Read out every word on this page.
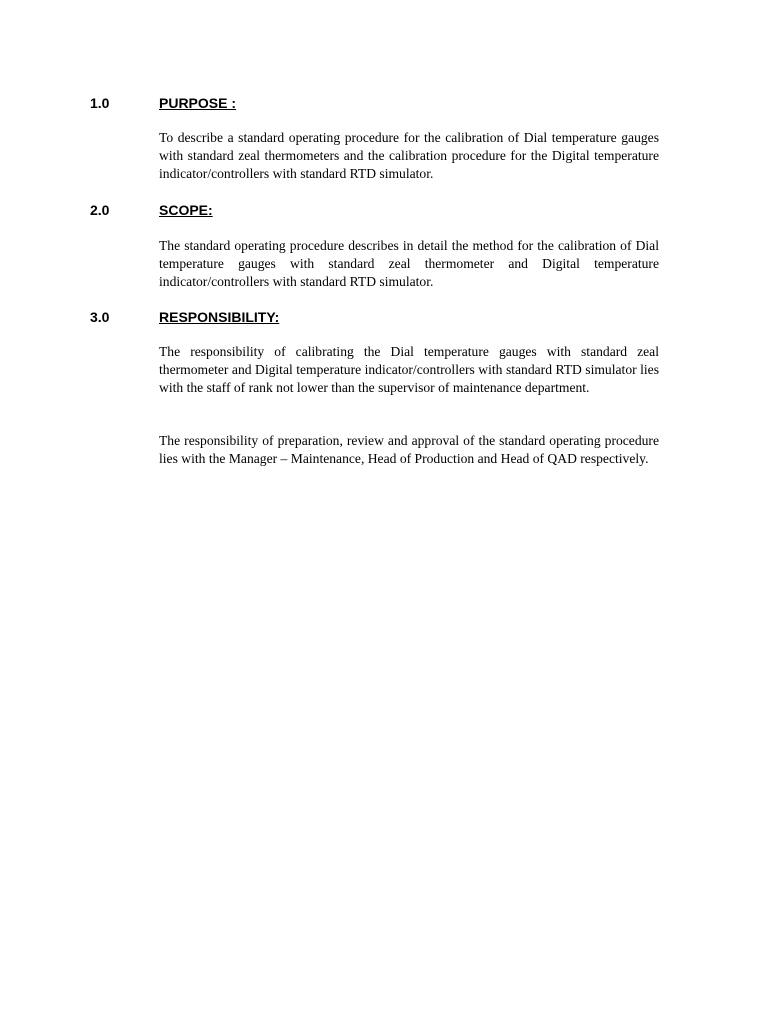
1.0	PURPOSE :

To describe a standard operating procedure for the calibration of Dial temperature gauges with standard zeal thermometers and the calibration procedure for the Digital temperature indicator/controllers with standard RTD simulator.

2.0	SCOPE:

The standard operating procedure describes in detail the method for the calibration of Dial temperature gauges with standard zeal thermometer and Digital temperature indicator/controllers with standard RTD simulator.

3.0	RESPONSIBILITY:

The responsibility of calibrating the Dial temperature gauges with standard zeal thermometer and Digital temperature indicator/controllers with standard RTD simulator lies with the staff of rank not lower than the supervisor of maintenance department.

The responsibility of preparation, review and approval of the standard operating procedure lies with the Manager – Maintenance, Head of Production and Head of QAD respectively.
